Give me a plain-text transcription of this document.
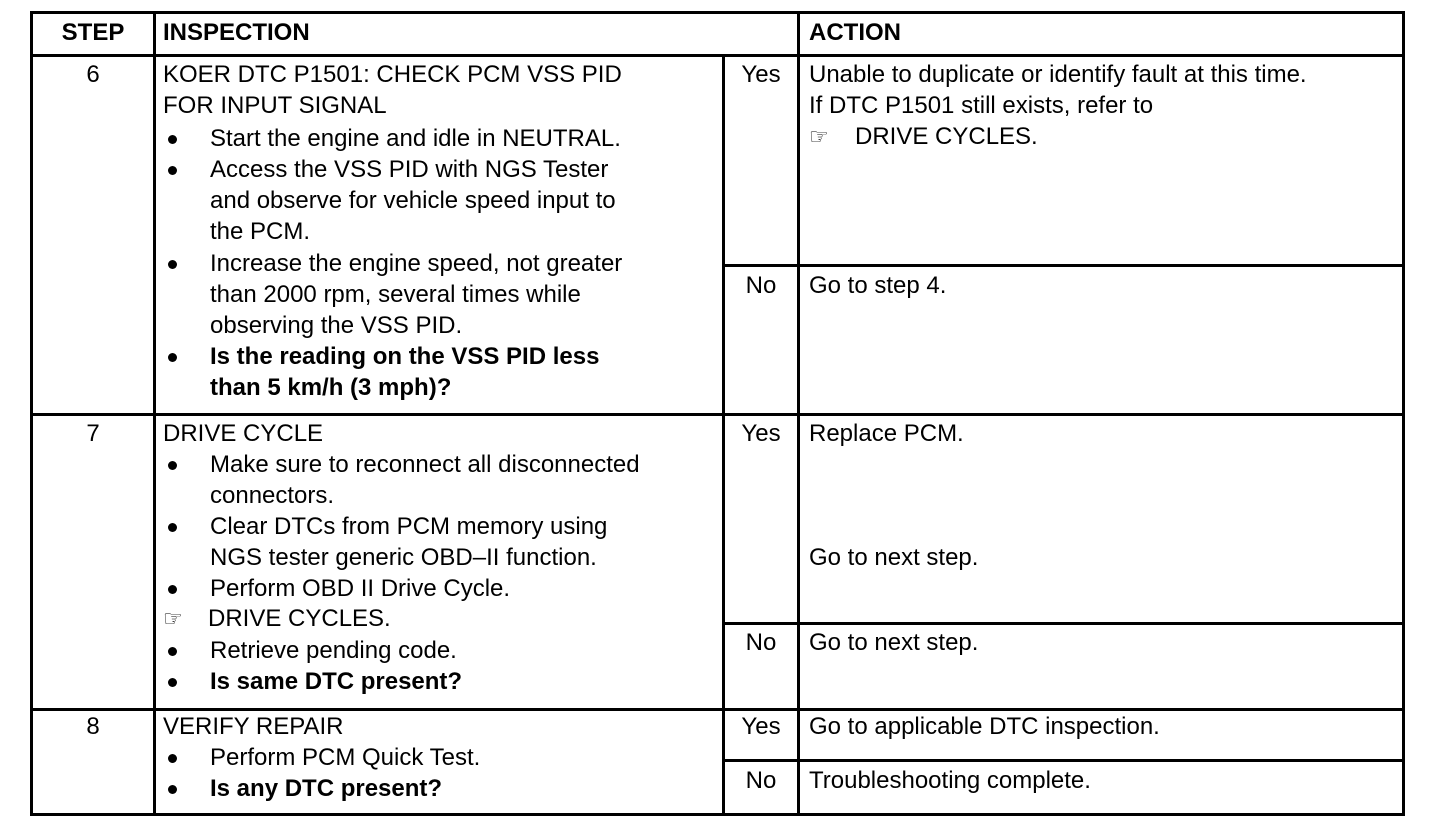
STEP	INSPECTION	ACTION
6	KOER DTC P1501: CHECK PCM VSS PID
FOR INPUT SIGNAL
Start the engine and idle in NEUTRAL.
Access the VSS PID with NGS Tester
and observe for vehicle speed input to
the PCM.
Increase the engine speed, not greater
than 2000 rpm, several times while
observing the VSS PID.
Is the reading on the VSS PID less
than 5 km/h (3 mph)?
Yes	Unable to duplicate or identify fault at this time.
If DTC P1501 still exists, refer to
☞ DRIVE CYCLES.
No	Go to step 4.
7	DRIVE CYCLE
Make sure to reconnect all disconnected
connectors.
Clear DTCs from PCM memory using
NGS tester generic OBD–II function.
Perform OBD II Drive Cycle.
☞ DRIVE CYCLES.
Retrieve pending code.
Is same DTC present?
Yes	Replace PCM.
Go to next step.
No	Go to next step.
8	VERIFY REPAIR
Perform PCM Quick Test.
Is any DTC present?
Yes	Go to applicable DTC inspection.
No	Troubleshooting complete.
